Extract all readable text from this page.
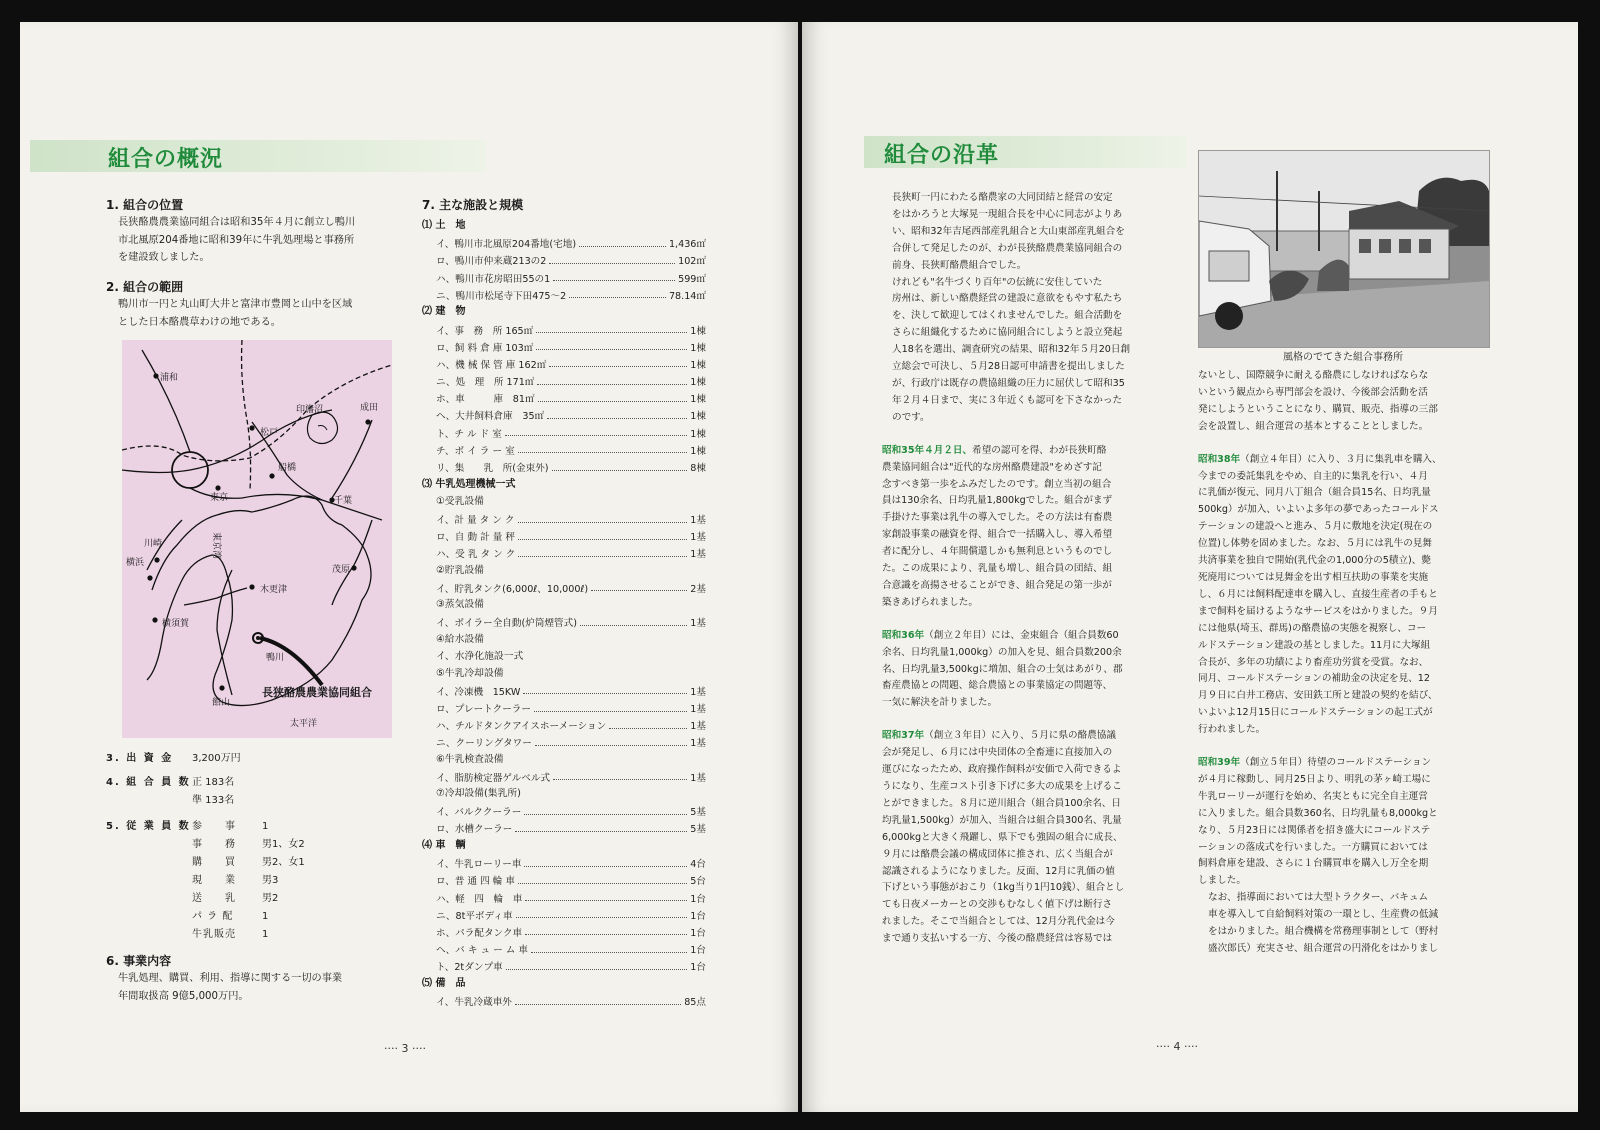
組合の概況
1. 組合の位置
長狭酪農農業協同組合は昭和35年４月に創立し鴨川
市北風原204番地に昭和39年に牛乳処理場と事務所
を建設致しました。
2. 組合の範囲
鴨川市一円と丸山町大井と富津市豊岡と山中を区域
とした日本酪農草わけの地である。
浦和
印旛沼	成田
松戸
船橋
東京	千葉
川崎	東京湾
横浜
茂原
木更津
横須賀
鴨川
館山
太平洋
長狭酪農農業協同組合
3. 出 資 金	3,200万円
4. 組 合 員 数 正 183名
準 133名
5. 従 業 員 数 参　　事	1
事　　務	男1、女2
購　　買	男2、女1
現　　業	男3
送　　乳	男2
パ ラ 配	1
牛乳販売	1
6. 事業内容
牛乳処理、購買、利用、指導に関する一切の事業
年間取扱高 9億5,000万円。
7. 主な施設と規模
⑴ 土　地
イ、鴨川市北風原204番地(宅地)	1,436㎡
ロ、鴨川市仲来蔵213の2	102㎡
ハ、鴨川市花房昭田55の1	599㎡
ニ、鴨川市松尾寺下田475〜2	78.14㎡
⑵ 建　物
イ、事　務　所 165㎡	1棟
ロ、飼 料 倉 庫 103㎡	1棟
ハ、機 械 保 管 庫 162㎡	1棟
ニ、処　理　所 171㎡	1棟
ホ、車　　　庫　81㎡	1棟
ヘ、大井飼料倉庫　35㎡	1棟
ト、チ ル ド 室	1棟
チ、ボ イ ラ ー 室	1棟
リ、集　　乳　所(金束外)	8棟
⑶ 牛乳処理機械一式
①受乳設備
イ、計 量 タ ン ク	1基
ロ、自 動 計 量 秤	1基
ハ、受 乳 タ ン ク	1基
②貯乳設備
イ、貯乳タンク(6,000ℓ、10,000ℓ)	2基
③蒸気設備
イ、ボイラー全自動(炉筒煙管式)	1基
④給水設備
イ、水浄化施設一式
⑤牛乳冷却設備
イ、冷凍機　15KW	1基
ロ、プレートクーラー	1基
ハ、チルドタンクアイスホーメーション	1基
ニ、クーリングタワー	1基
⑥牛乳検査設備
イ、脂肪検定器ゲルベル式	1基
⑦冷却設備(集乳所)
イ、バルククーラー	5基
ロ、水槽クーラー	5基
⑷ 車　輌
イ、牛乳ローリー車	4台
ロ、普 通 四 輪 車	5台
ハ、軽　四　輪　車	1台
ニ、8t平ボディ車	1台
ホ、パラ配タンク車	1台
ヘ、バ キ ュ ー ム 車	1台
ト、2tダンプ車	1台
⑸ 備　品
イ、牛乳冷蔵車外	85点
···· 3 ····
組合の沿革
長狭町一円にわたる酪農家の大同団結と経営の安定
をはかろうと大塚晃一現組合長を中心に同志がよりあ
い、昭和32年吉尾西部産乳組合と大山東部産乳組合を
合併して発足したのが、わが長狭酪農農業協同組合の
前身、長狭町酪農組合でした。
けれども"名牛づくり百年"の伝統に安住していた
房州は、新しい酪農経営の建設に意欲をもやす私たち
を、決して歓迎してはくれませんでした。組合活動を
さらに組織化するために協同組合にしようと設立発起
人18名を選出、調査研究の結果、昭和32年５月20日創
立総会で可決し、５月28日認可申請書を提出しました
が、行政庁は既存の農協組織の圧力に屈伏して昭和35
年２月４日まで、実に３年近くも認可を下さなかった
のです。
昭和35年４月２日、希望の認可を得、わが長狭町酪
農業協同組合は"近代的な房州酪農建設"をめざす記
念すべき第一歩をふみだしたのです。創立当初の組合
員は130余名、日均乳量1,800kgでした。組合がまず
手掛けた事業は乳牛の導入でした。その方法は有畜農
家創設事業の融資を得、組合で一括購入し、導入希望
者に配分し、４年間償還しかも無利息というものでし
た。この成果により、乳量も増し、組合員の団結、組
合意識を高揚させることができ、組合発足の第一歩が
築きあげられました。
昭和36年（創立２年目）には、金束組合（組合員数60
余名、日均乳量1,000kg）の加入を見、組合員数200余
名、日均乳量3,500kgに増加、組合の士気はあがり、郡
畜産農協との問題、総合農協との事業協定の問題等、
一気に解決を計りました。
昭和37年（創立３年目）に入り、５月に県の酪農協議
会が発足し、６月には中央団体の全畜連に直接加入の
運びになったため、政府操作飼料が安価で入荷できるよ
うになり、生産コスト引き下げに多大の成果を上げるこ
とができました。８月に逆川組合（組合員100余名、日
均乳量1,500kg）が加入、当組合は組合員300名、乳量
6,000kgと大きく飛躍し、県下でも強固の組合に成長、
９月には酪農会議の構成団体に推され、広く当組合が
認識されるようになりました。反面、12月に乳価の値
下げという事態がおこり（1kg当り1円10銭）、組合とし
ても日夜メーカーとの交渉もむなしく値下げは断行さ
れました。そこで当組合としては、12月分乳代金は今
まで通り支払いする一方、今後の酪農経営は容易では
風格のでてきた組合事務所
ないとし、国際競争に耐える酪農にしなければならな
いという観点から専門部会を設け、今後部会活動を活
発にしようということになり、購買、販売、指導の三部
会を設置し、組合運営の基本とすることとしました。
昭和38年（創立４年目）に入り、３月に集乳車を購入、
今までの委託集乳をやめ、自主的に集乳を行い、４月
に乳価が復元、同月八丁組合（組合員15名、日均乳量
500kg）が加入、いよいよ多年の夢であったコールドス
テーションの建設へと進み、５月に敷地を決定(現在の
位置)し体勢を固めました。なお、５月には乳牛の見舞
共済事業を独自で開始(乳代金の1,000分の5積立)、斃
死廃用については見舞金を出す相互扶助の事業を実施
し、６月には飼料配達車を購入し、直接生産者の手もと
まで飼料を届けるようなサービスをはかりました。９月
には他県(埼玉、群馬)の酪農協の実態を視察し、コー
ルドステーション建設の基としました。11月に大塚組
合長が、多年の功績により畜産功労賞を受賞。なお、
同月、コールドステーションの補助金の決定を見、12
月９日に白井工務店、安田鉄工所と建設の契約を結び、
いよいよ12月15日にコールドステーションの起工式が
行われました。
昭和39年（創立５年目）待望のコールドステーション
が４月に稼動し、同月25日より、明乳の茅ヶ崎工場に
牛乳ローリーが運行を始め、名実ともに完全自主運営
に入りました。組合員数360名、日均乳量も8,000kgと
なり、５月23日には関係者を招き盛大にコールドステ
ーションの落成式を行いました。一方購買においては
飼料倉庫を建設、さらに１台購買車を購入し万全を期
しました。
なお、指導面においては大型トラクター、バキュム
車を導入して自給飼料対策の一環とし、生産費の低減
をはかりました。組合機構を常務理事制として（野村
盛次郎氏）充実させ、組合運営の円滑化をはかりまし
···· 4 ····
